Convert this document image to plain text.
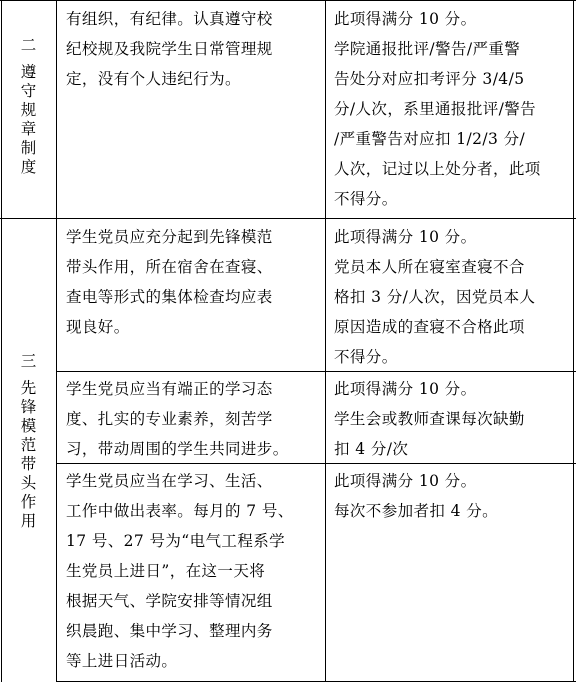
二
遵
守
规
章
制
度
三
先
锋
模
范
带
头
作
用
有组织，有纪律。认真遵守校
纪校规及我院学生日常管理规
定，没有个人违纪行为。
此项得满分 10 分。
学院通报批评/警告/严重警
告处分对应扣考评分 3/4/5
分/人次，系里通报批评/警告
/严重警告对应扣 1/2/3 分/
人次，记过以上处分者，此项
不得分。
学生党员应充分起到先锋模范
带头作用，所在宿舍在查寝、
查电等形式的集体检查均应表
现良好。
此项得满分 10 分。
党员本人所在寝室查寝不合
格扣 3 分/人次，因党员本人
原因造成的查寝不合格此项
不得分。
学生党员应当有端正的学习态
度、扎实的专业素养，刻苦学
习，带动周围的学生共同进步。
此项得满分 10 分。
学生会或教师查课每次缺勤
扣 4 分/次
学生党员应当在学习、生活、
工作中做出表率。每月的 7 号、
17 号、27 号为“电气工程系学
生党员上进日”，在这一天将
根据天气、学院安排等情况组
织晨跑、集中学习、整理内务
等上进日活动。
此项得满分 10 分。
每次不参加者扣 4 分。
